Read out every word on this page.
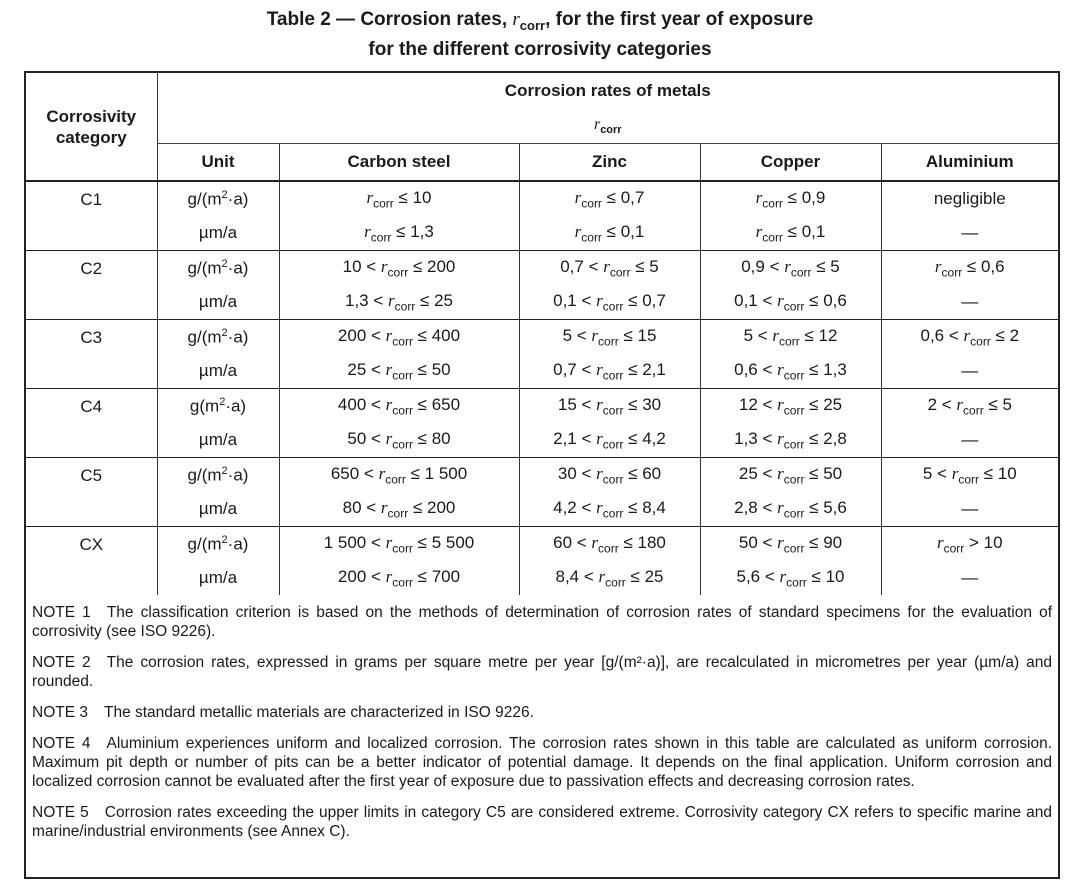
Table 2 — Corrosion rates, $r_{corr}$, for the first year of exposure
for the different corrosivity categories
Corrosivity category	Corrosion rates of metals				
	$r_{corr}$
	Unit	Carbon steel	Zinc	Copper	Aluminium
C1	$g/(m^2\cdot a)$	$r_{corr} \le 10$	$r_{corr} \le 0,7$	$r_{corr} \le 0,9$	negligible
	µm/a	$r_{corr} \le 1,3$	$r_{corr} \le 0,1$	$r_{corr} \le 0,1$	—
C2	$g/(m^2\cdot a)$	$10 < r_{corr} \le 200$	$0,7 < r_{corr} \le 5$	$0,9 < r_{corr} \le 5$	$r_{corr} \le 0,6$
	µm/a	$1,3 < r_{corr} \le 25$	$0,1 < r_{corr} \le 0,7$	$0,1 < r_{corr} \le 0,6$	—
C3	$g/(m^2\cdot a)$	$200 < r_{corr} \le 400$	$5 < r_{corr} \le 15$	$5 < r_{corr} \le 12$	$0,6 < r_{corr} \le 2$
	µm/a	$25 < r_{corr} \le 50$	$0,7 < r_{corr} \le 2,1$	$0,6 < r_{corr} \le 1,3$	—
C4	$g(m^2\cdot a)$	$400 < r_{corr} \le 650$	$15 < r_{corr} \le 30$	$12 < r_{corr} \le 25$	$2 < r_{corr} \le 5$
	µm/a	$50 < r_{corr} \le 80$	$2,1 < r_{corr} \le 4,2$	$1,3 < r_{corr} \le 2,8$	—
C5	$g/(m^2\cdot a)$	$650 < r_{corr} \le 1$ 500	$30 < r_{corr} \le 60$	$25 < r_{corr} \le 50$	$5 < r_{corr} \le 10$
	µm/a	$80 < r_{corr} \le 200$	$4,2 < r_{corr} \le 8,4$	$2,8 < r_{corr} \le 5,6$	—
CX	$g/(m^2\cdot a)$	1 $500 < r_{corr} \le 5$ 500	$60 < r_{corr} \le 180$	$50 < r_{corr} \le 90$	$r_{corr} > 10$
	µm/a	$200 < r_{corr} \le 700$	$8,4 < r_{corr} \le 25$	$5,6 < r_{corr} \le 10$	—

NOTE 1 The classification criterion is based on the methods of determination of corrosion rates of standard specimens for the evaluation of corrosivity (see ISO 9226).

NOTE 2 The corrosion rates, expressed in grams per square metre per year [g/(m²·a)], are recalculated in micrometres per year (µm/a) and rounded.

NOTE 3 The standard metallic materials are characterized in ISO 9226.

NOTE 4 Aluminium experiences uniform and localized corrosion. The corrosion rates shown in this table are calculated as uniform corrosion. Maximum pit depth or number of pits can be a better indicator of potential damage. It depends on the final application. Uniform corrosion and localized corrosion cannot be evaluated after the first year of exposure due to passivation effects and decreasing corrosion rates.

NOTE 5 Corrosion rates exceeding the upper limits in category C5 are considered extreme. Corrosivity category CX refers to specific marine and marine/industrial environments (see Annex C).
